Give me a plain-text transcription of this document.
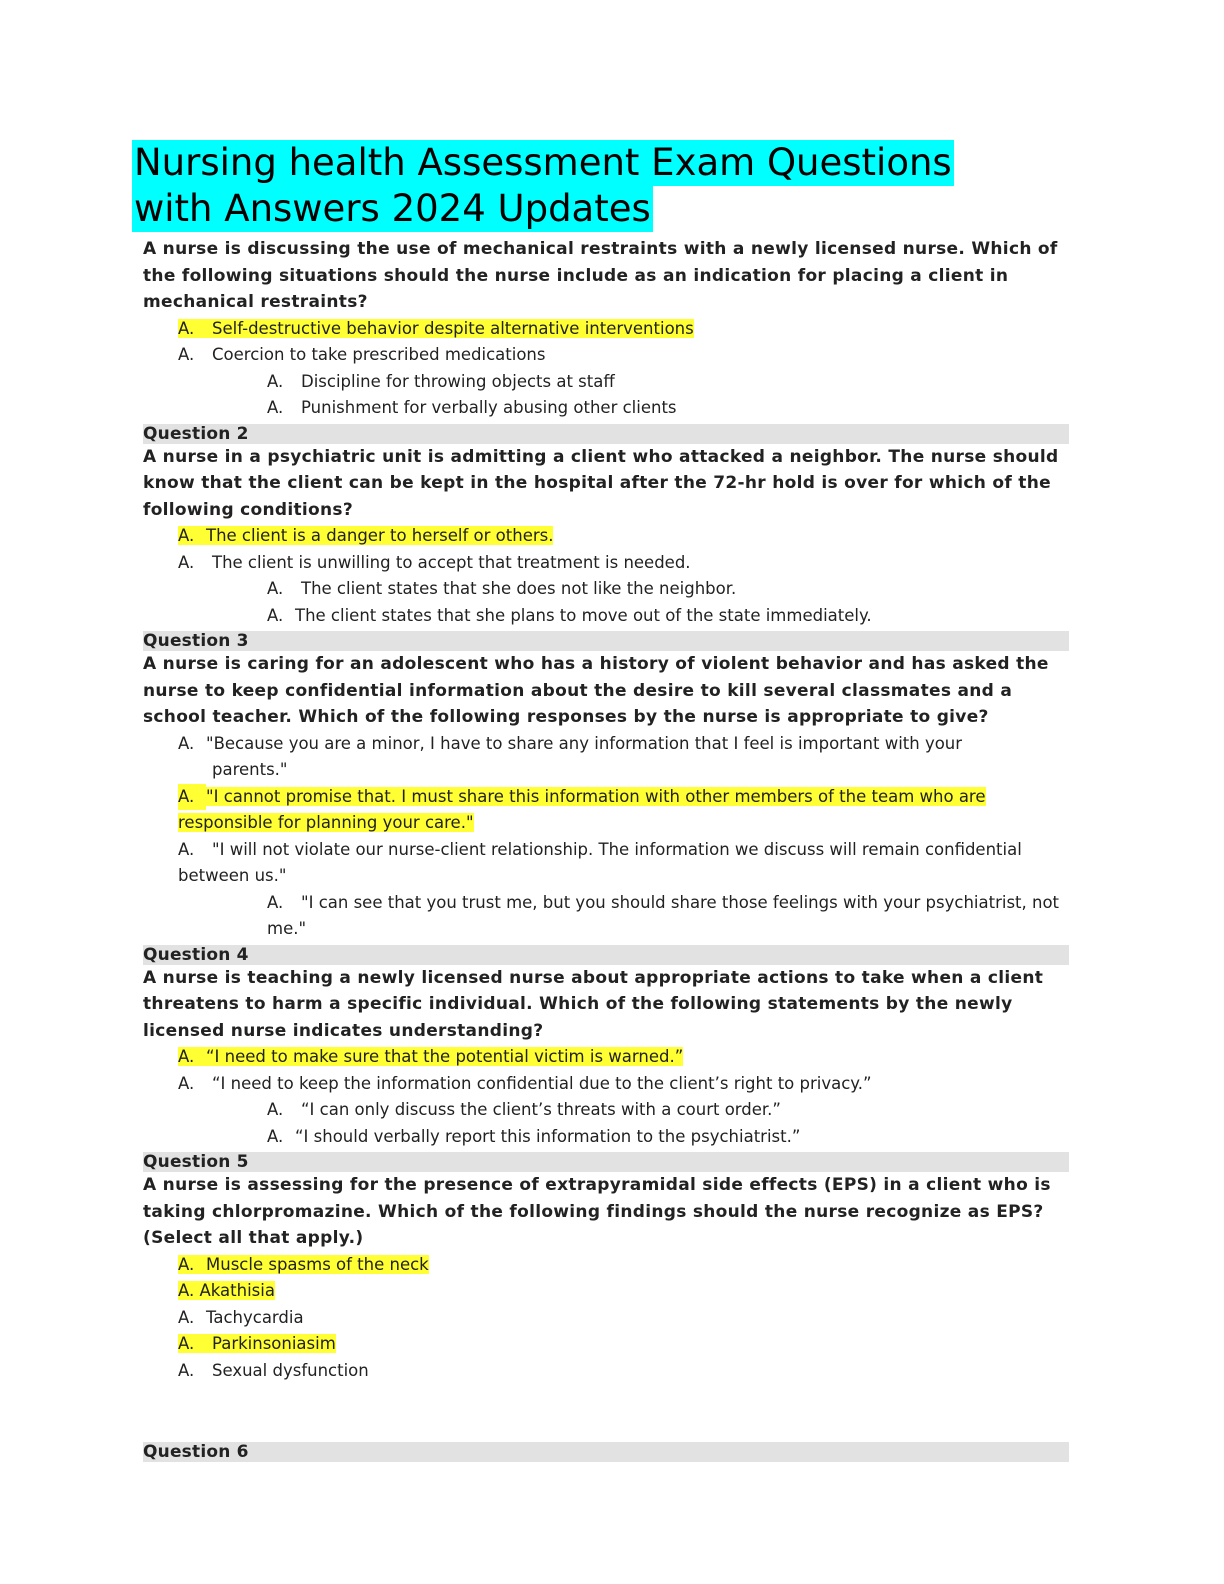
Nursing health Assessment Exam Questions
with Answers 2024 Updates
A nurse is discussing the use of mechanical restraints with a newly licensed nurse. Which of the following situations should the nurse include as an indication for placing a client in mechanical restraints?
A. Self-destructive behavior despite alternative interventions
A. Coercion to take prescribed medications
A. Discipline for throwing objects at staff
A. Punishment for verbally abusing other clients
Question 2
A nurse in a psychiatric unit is admitting a client who attacked a neighbor. The nurse should know that the client can be kept in the hospital after the 72-hr hold is over for which of the following conditions?
A. The client is a danger to herself or others.
A. The client is unwilling to accept that treatment is needed.
A. The client states that she does not like the neighbor.
A. The client states that she plans to move out of the state immediately.
Question 3
A nurse is caring for an adolescent who has a history of violent behavior and has asked the nurse to keep confidential information about the desire to kill several classmates and a school teacher. Which of the following responses by the nurse is appropriate to give?
A. "Because you are a minor, I have to share any information that I feel is important with your parents."
A. "I cannot promise that. I must share this information with other members of the team who are responsible for planning your care."
A. "I will not violate our nurse-client relationship. The information we discuss will remain confidential between us."
A. "I can see that you trust me, but you should share those feelings with your psychiatrist, not me."
Question 4
A nurse is teaching a newly licensed nurse about appropriate actions to take when a client threatens to harm a specific individual. Which of the following statements by the newly licensed nurse indicates understanding?
A. “I need to make sure that the potential victim is warned.”
A. “I need to keep the information confidential due to the client’s right to privacy.”
A. “I can only discuss the client’s threats with a court order.”
A. “I should verbally report this information to the psychiatrist.”
Question 5
A nurse is assessing for the presence of extrapyramidal side effects (EPS) in a client who is taking chlorpromazine. Which of the following findings should the nurse recognize as EPS? (Select all that apply.)
A. Muscle spasms of the neck
A. Akathisia
A. Tachycardia
A. Parkinsoniasim
A. Sexual dysfunction
Question 6
